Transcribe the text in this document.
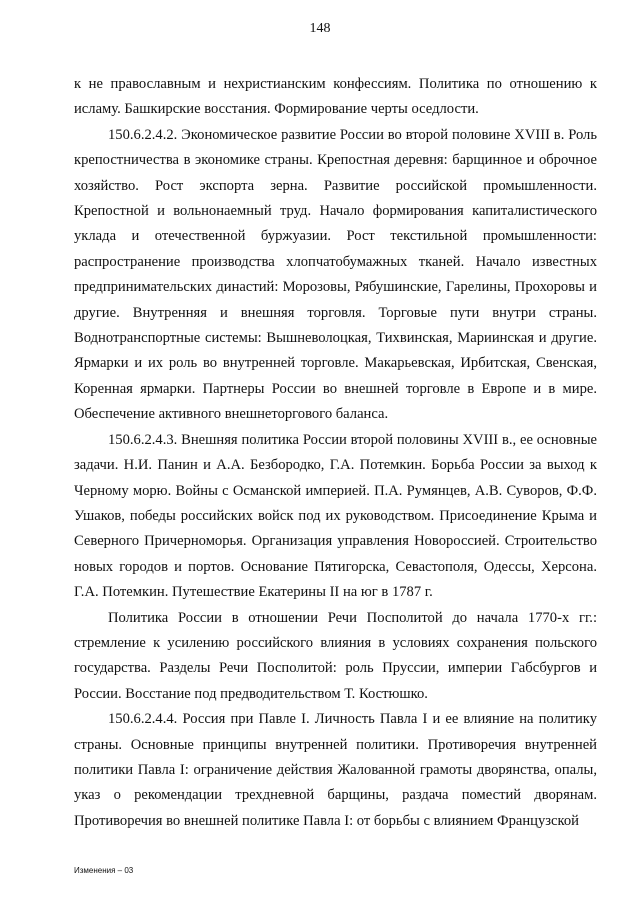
148

к не православным и нехристианским конфессиям. Политика по отношению к исламу. Башкирские восстания. Формирование черты оседлости.

150.6.2.4.2. Экономическое развитие России во второй половине XVIII в. Роль крепостничества в экономике страны. Крепостная деревня: барщинное и оброчное хозяйство. Рост экспорта зерна. Развитие российской промышленности. Крепостной и вольнонаемный труд. Начало формирования капиталистического уклада и отечественной буржуазии. Рост текстильной промышленности: распространение производства хлопчатобумажных тканей. Начало известных предпринимательских династий: Морозовы, Рябушинские, Гарелины, Прохоровы и другие. Внутренняя и внешняя торговля. Торговые пути внутри страны. Воднотранспортные системы: Вышневолоцкая, Тихвинская, Мариинская и другие. Ярмарки и их роль во внутренней торговле. Макарьевская, Ирбитская, Свенская, Коренная ярмарки. Партнеры России во внешней торговле в Европе и в мире. Обеспечение активного внешнеторгового баланса.

150.6.2.4.3. Внешняя политика России второй половины XVIII в., ее основные задачи. Н.И. Панин и А.А. Безбородко, Г.А. Потемкин. Борьба России за выход к Черному морю. Войны с Османской империей. П.А. Румянцев, А.В. Суворов, Ф.Ф. Ушаков, победы российских войск под их руководством. Присоединение Крыма и Северного Причерноморья. Организация управления Новороссией. Строительство новых городов и портов. Основание Пятигорска, Севастополя, Одессы, Херсона. Г.А. Потемкин. Путешествие Екатерины II на юг в 1787 г.

Политика России в отношении Речи Посполитой до начала 1770-х гг.: стремление к усилению российского влияния в условиях сохранения польского государства. Разделы Речи Посполитой: роль Пруссии, империи Габсбургов и России. Восстание под предводительством Т. Костюшко.

150.6.2.4.4. Россия при Павле I. Личность Павла I и ее влияние на политику страны. Основные принципы внутренней политики. Противоречия внутренней политики Павла I: ограничение действия Жалованной грамоты дворянства, опалы, указ о рекомендации трехдневной барщины, раздача поместий дворянам. Противоречия во внешней политике Павла I: от борьбы с влиянием Французской

Изменения – 03
